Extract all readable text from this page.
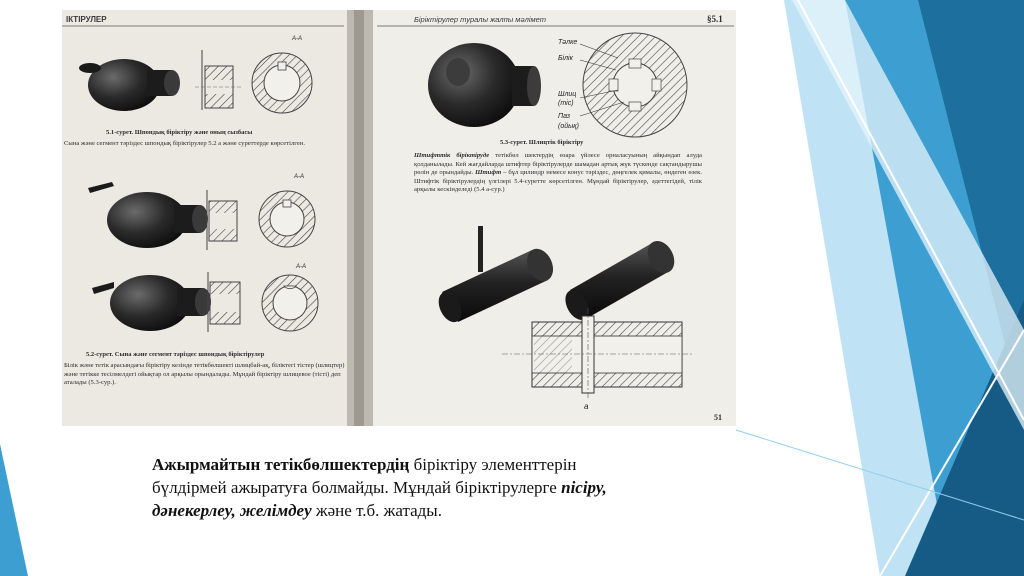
ІКТІРУЛЕР
А-А
5.1-сурет. Шпондық біріктіру және оның сызбасы
Сына және сегмент тәріздес шпондық біріктірулер 5.2 а және суреттерде көрсетілген.
А-А
А-А
5.2-сурет. Сына және сегмент тәріздес шпондық біріктірулер
Білік және тетік арасындағы біріктіру кезінде тетікбөлшекті шлицбай-ақ, біліктегі тістер (шлицтер) және тетікке тесілмелдегі ойықтар ол арқылы орындалады. Мұндай біріктіру шлицевое (тісті) деп аталады (5.3-сур.).
Біріктірулер туралы жалпы мәлімет	§5.1
Тәлке
Білік
Шлиц
(тіс)
Паз
(ойық)
5.3-сурет. Шлицтік біріктіру
Штифттік біріктіруде тетікбөл шектердің өзара үйлесе орналасуының айқындап алуда қолданылады. Кей жағдайларда штифтер біріктірулерде шамадан артық жүк түскенде сақтандырушы рөлін де орындайды. Штифт – бұл цилиндр немесе конус тәріздес, дөңгелек қималы, өндеген өзек. Штифтік біріктірулердің үлгілері 5.4-суретте көрсетілген. Мұндай біріктірулер, әдеттегідей, тілік арқылы кескінделеді (5.4 а-сур.)
а
51
Ажырмайтын тетікбөлшектердің біріктіру элементтерін бүлдірмей ажыратуға болмайды. Мұндай біріктірулерге пісіру, дәнекерлеу, желімдеу және т.б. жатады.
